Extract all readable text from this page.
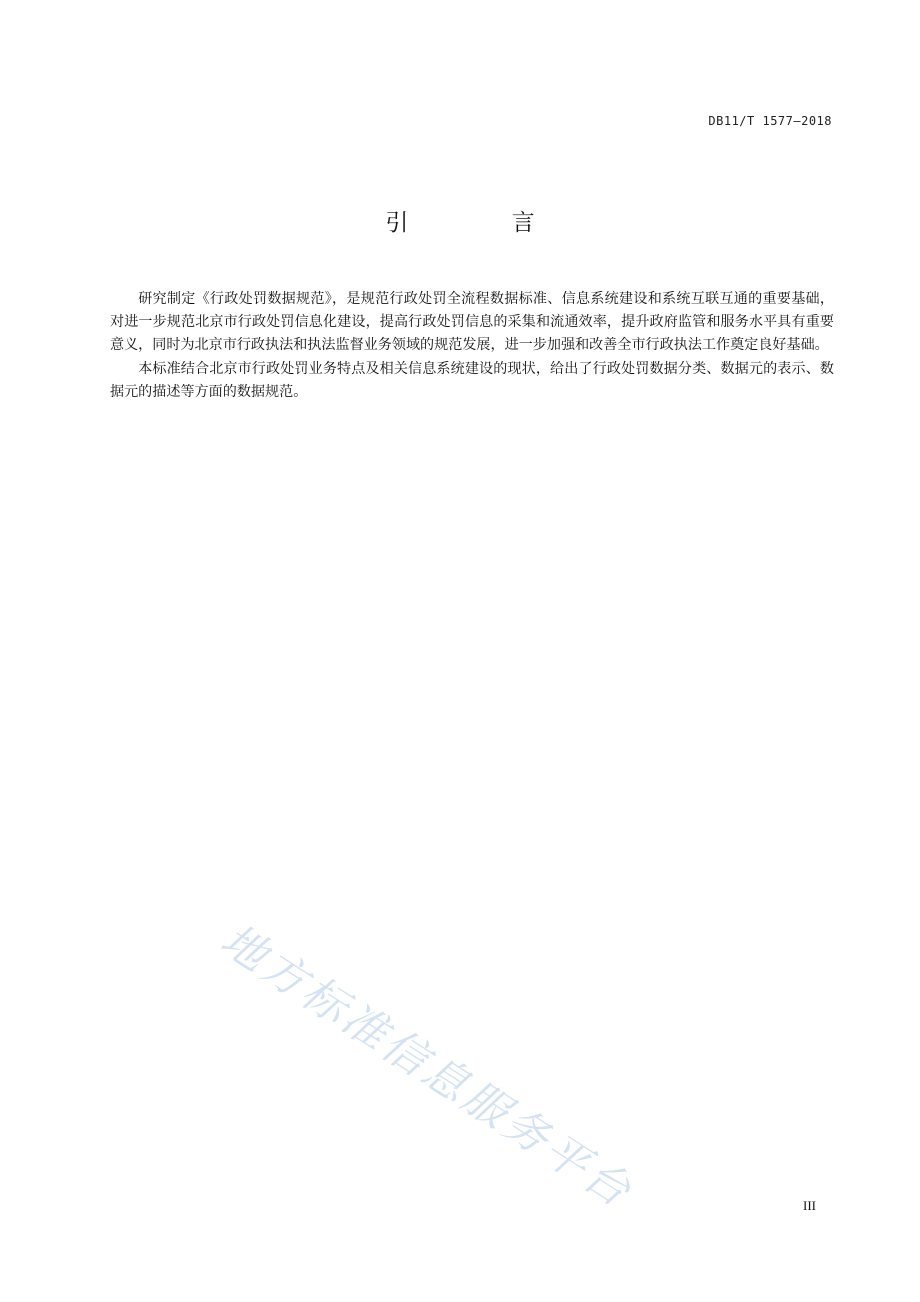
DB11/T 1577—2018
引 言

研究制定《行政处罚数据规范》，是规范行政处罚全流程数据标准、信息系统建设和系统互联互通的重要基础，对进一步规范北京市行政处罚信息化建设，提高行政处罚信息的采集和流通效率，提升政府监管和服务水平具有重要意义，同时为北京市行政执法和执法监督业务领域的规范发展，进一步加强和改善全市行政执法工作奠定良好基础。

本标准结合北京市行政处罚业务特点及相关信息系统建设的现状，给出了行政处罚数据分类、数据元的表示、数据元的描述等方面的数据规范。

地方标准信息服务平台	III
